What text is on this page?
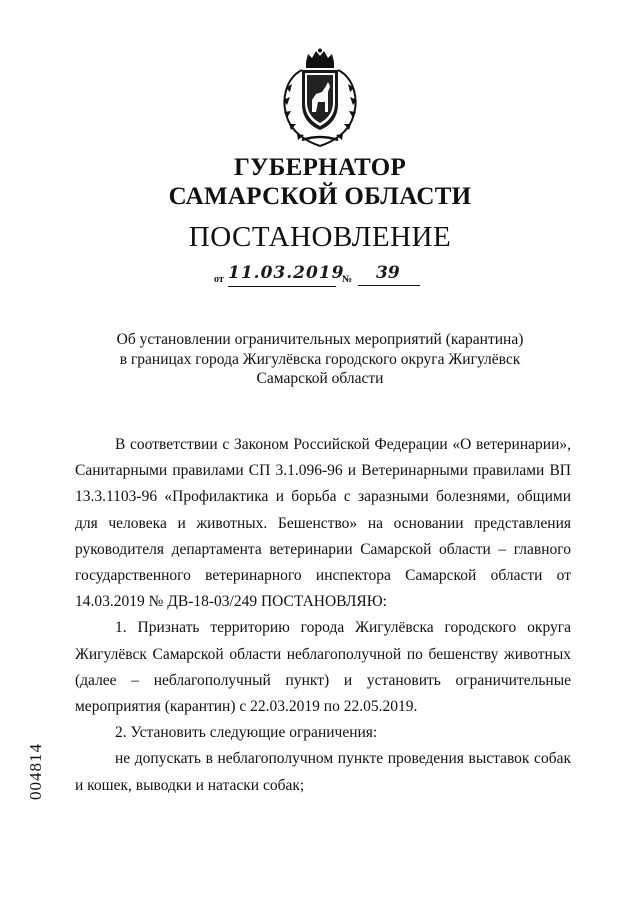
ГУБЕРНАТОР
САМАРСКОЙ ОБЛАСТИ
ПОСТАНОВЛЕНИЕ
от 11.03.2019
№	39
Об установлении ограничительных мероприятий (карантина)
в границах города Жигулёвска городского округа Жигулёвск
Самарской области

В соответствии с Законом Российской Федерации «О ветеринарии», Санитарными правилами СП 3.1.096-96 и Ветеринарными правилами ВП 13.3.1103-96 «Профилактика и борьба с заразными болезнями, общими для человека и животных. Бешенство» на основании представления руководителя департамента ветеринарии Самарской области – главного государственного ветеринарного инспектора Самарской области от 14.03.2019 № ДВ-18-03/249 ПОСТАНОВЛЯЮ:

1. Признать территорию города Жигулёвска городского округа Жигулёвск Самарской области неблагополучной по бешенству животных (далее – неблагополучный пункт) и установить ограничительные мероприятия (карантин) с 22.03.2019 по 22.05.2019.

2. Установить следующие ограничения:

не допускать в неблагополучном пункте проведения выставок собак и кошек, выводки и натаски собак;

004814
